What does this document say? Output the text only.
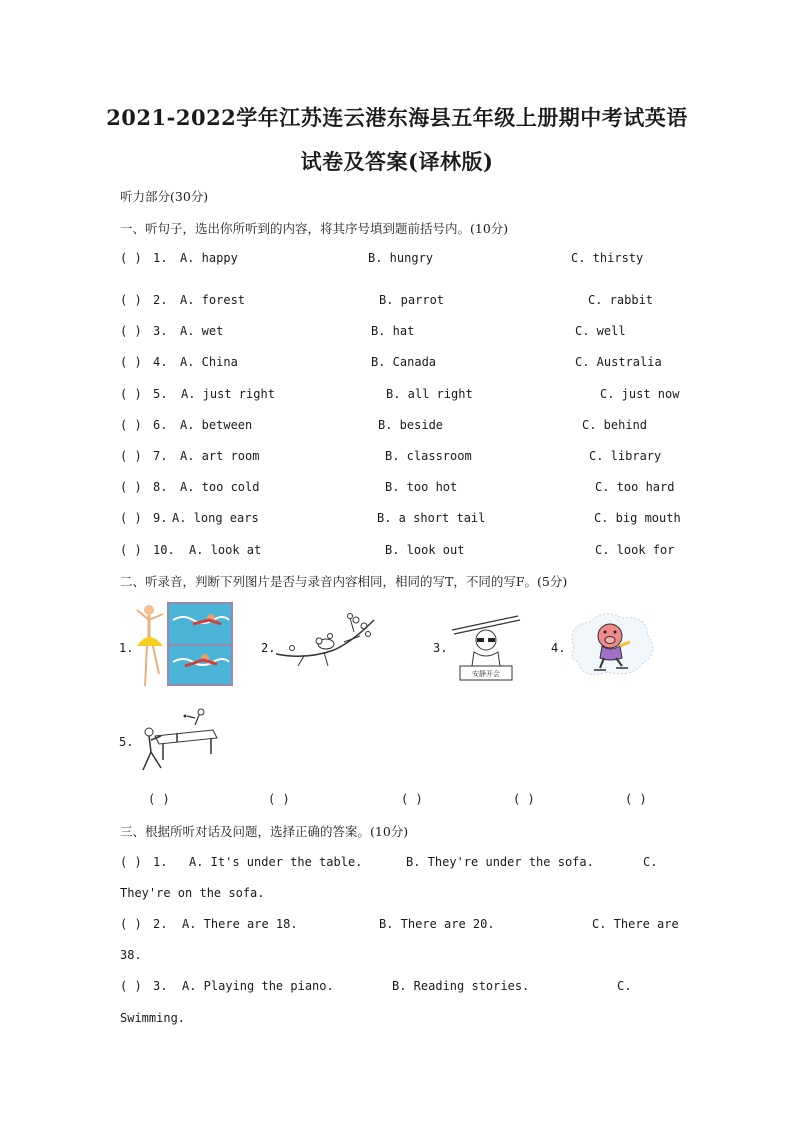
2021-2022学年江苏连云港东海县五年级上册期中考试英语
试卷及答案(译林版)
听力部分(30分)
一、听句子，选出你所听到的内容，将其序号填到题前括号内。(10分)
( ) 1. A. happy	B. hungry	C. thirsty
( ) 2. A. forest	B. parrot	C. rabbit
( ) 3. A. wet	B. hat	C. well
( ) 4. A. China	B. Canada	C. Australia
( ) 5. A. just right	B. all right	C. just now
( ) 6. A. between	B. beside	C. behind
( ) 7. A. art room	B. classroom	C. library
( ) 8. A. too cold	B. too hot	C. too hard
( ) 9. A. long ears	B. a short tail	C. big mouth
( ) 10. A. look at	B. look out	C. look for
二、听录音，判断下列图片是否与录音内容相同，相同的写T，不同的写F。(5分)
1.	2.	3.
安静开会
4.
5.
( )	( )	( )	( )	( )
三、根据所听对话及问题，选择正确的答案。(10分)
( ) 1. A. It's under the table.	B. They're under the sofa.	C.
They're on the sofa.
( ) 2. A. There are 18.	B. There are 20.	C. There are
38.
( ) 3. A. Playing the piano.	B. Reading stories.	C.
Swimming.
